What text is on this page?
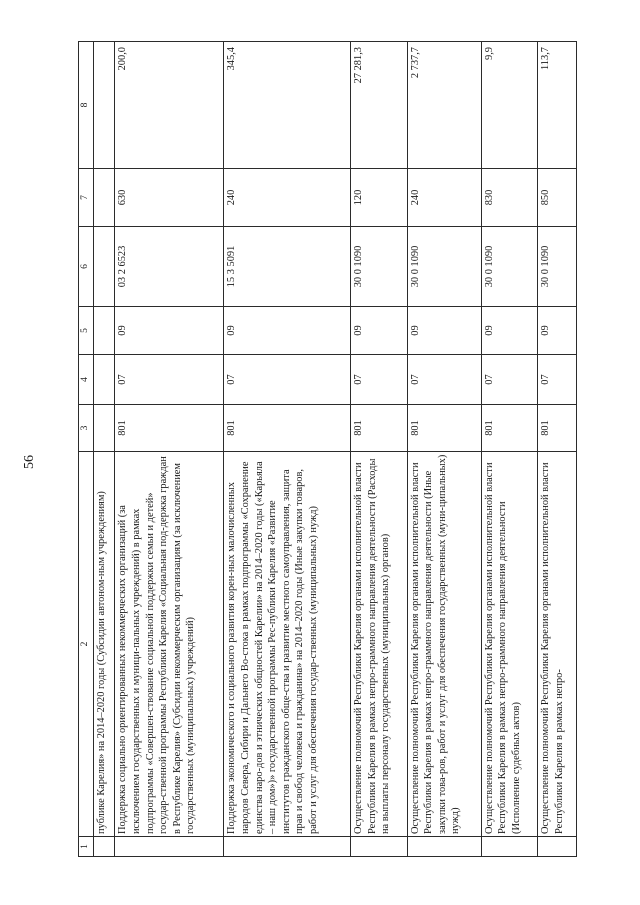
56
1	2	3	4	5	6	7	8
	публике Карелия» на 2014–2020 годы (Субсидии автоном-ным учреждениям)						
	Поддержка социально ориентированных некоммерческих организаций (за исключением государственных и муници-пальных учреждений) в рамках подпрограммы «Совершен-ствование социальной поддержки семьи и детей» государ-ственной программы Республики Карелия «Социальная под-держка граждан в Республике Карелия» (Субсидии некоммерческим организациям (за исключением государственных (муниципальных) учреждений)	801	07	09	03 2 6523	630	200,0
	Поддержка экономического и социального развития корен-ных малочисленных народов Севера, Сибири и Дальнего Во-стока в рамках подпрограммы «Сохранение единства наро-дов и этнических общностей Карелии» на 2014–2020 годы («Карьяла – наш дом»)» государственной программы Рес-публики Карелия «Развитие институтов гражданского обще-ства и развитие местного самоуправления, защита прав и свобод человека и гражданина» на 2014–2020 годы (Иные закупки товаров, работ и услуг для обеспечения государ-ственных (муниципальных) нужд)	801	07	09	15 3 5091	240	345,4
	Осуществление полномочий Республики Карелия органами исполнительной власти Республики Карелия в рамках непро-граммного направления деятельности (Расходы на выплаты персоналу государственных (муниципальных) органов)	801	07	09	30 0 1090	120	27 281,3
	Осуществление полномочий Республики Карелия органами исполнительной власти Республики Карелия в рамках непро-граммного направления деятельности (Иные закупки това-ров, работ и услуг для обеспечения государственных (муни-ципальных) нужд)	801	07	09	30 0 1090	240	2 737,7
	Осуществление полномочий Республики Карелия органами исполнительной власти Республики Карелия в рамках непро-граммного направления деятельности (Исполнение судебных актов)	801	07	09	30 0 1090	830	9,9
	Осуществление полномочий Республики Карелия органами исполнительной власти Республики Карелия в рамках непро-	801	07	09	30 0 1090	850	113,7
